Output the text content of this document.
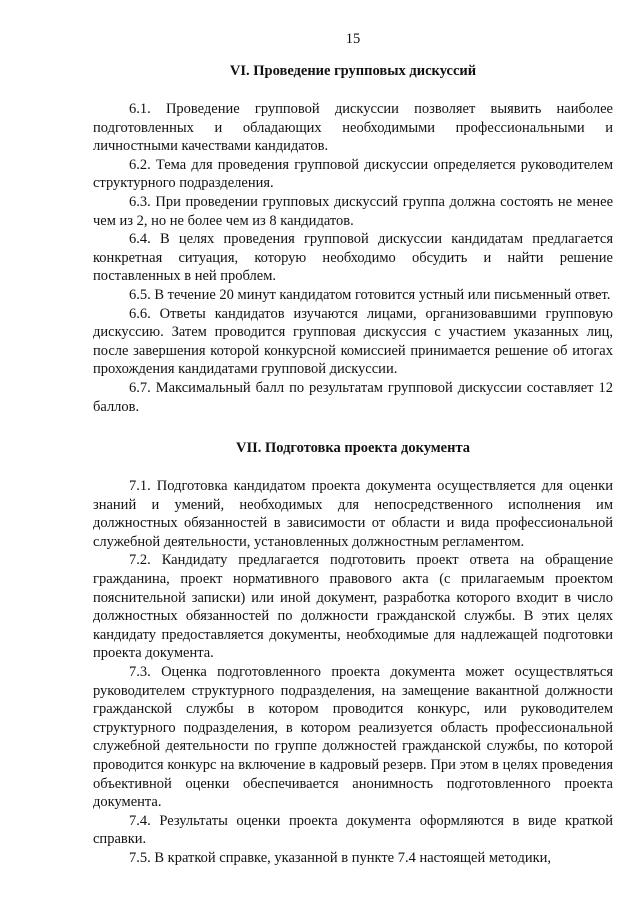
15
VI. Проведение групповых дискуссий

6.1. Проведение групповой дискуссии позволяет выявить наиболее подготовленных и обладающих необходимыми профессиональными и личностными качествами кандидатов.

6.2. Тема для проведения групповой дискуссии определяется руководителем структурного подразделения.

6.3. При проведении групповых дискуссий группа должна состоять не менее чем из 2, но не более чем из 8 кандидатов.

6.4. В целях проведения групповой дискуссии кандидатам предлагается конкретная ситуация, которую необходимо обсудить и найти решение поставленных в ней проблем.

6.5. В течение 20 минут кандидатом готовится устный или письменный ответ.

6.6. Ответы кандидатов изучаются лицами, организовавшими групповую дискуссию. Затем проводится групповая дискуссия с участием указанных лиц, после завершения которой конкурсной комиссией принимается решение об итогах прохождения кандидатами групповой дискуссии.

6.7. Максимальный балл по результатам групповой дискуссии составляет 12 баллов.

VII. Подготовка проекта документа

7.1. Подготовка кандидатом проекта документа осуществляется для оценки знаний и умений, необходимых для непосредственного исполнения им должностных обязанностей в зависимости от области и вида профессиональной служебной деятельности, установленных должностным регламентом.

7.2. Кандидату предлагается подготовить проект ответа на обращение гражданина, проект нормативного правового акта (с прилагаемым проектом пояснительной записки) или иной документ, разработка которого входит в число должностных обязанностей по должности гражданской службы. В этих целях кандидату предоставляется документы, необходимые для надлежащей подготовки проекта документа.

7.3. Оценка подготовленного проекта документа может осуществляться руководителем структурного подразделения, на замещение вакантной должности гражданской службы в котором проводится конкурс, или руководителем структурного подразделения, в котором реализуется область профессиональной служебной деятельности по группе должностей гражданской службы, по которой проводится конкурс на включение в кадровый резерв. При этом в целях проведения объективной оценки обеспечивается анонимность подготовленного проекта документа.

7.4. Результаты оценки проекта документа оформляются в виде краткой справки.

7.5. В краткой справке, указанной в пункте 7.4 настоящей методики,
